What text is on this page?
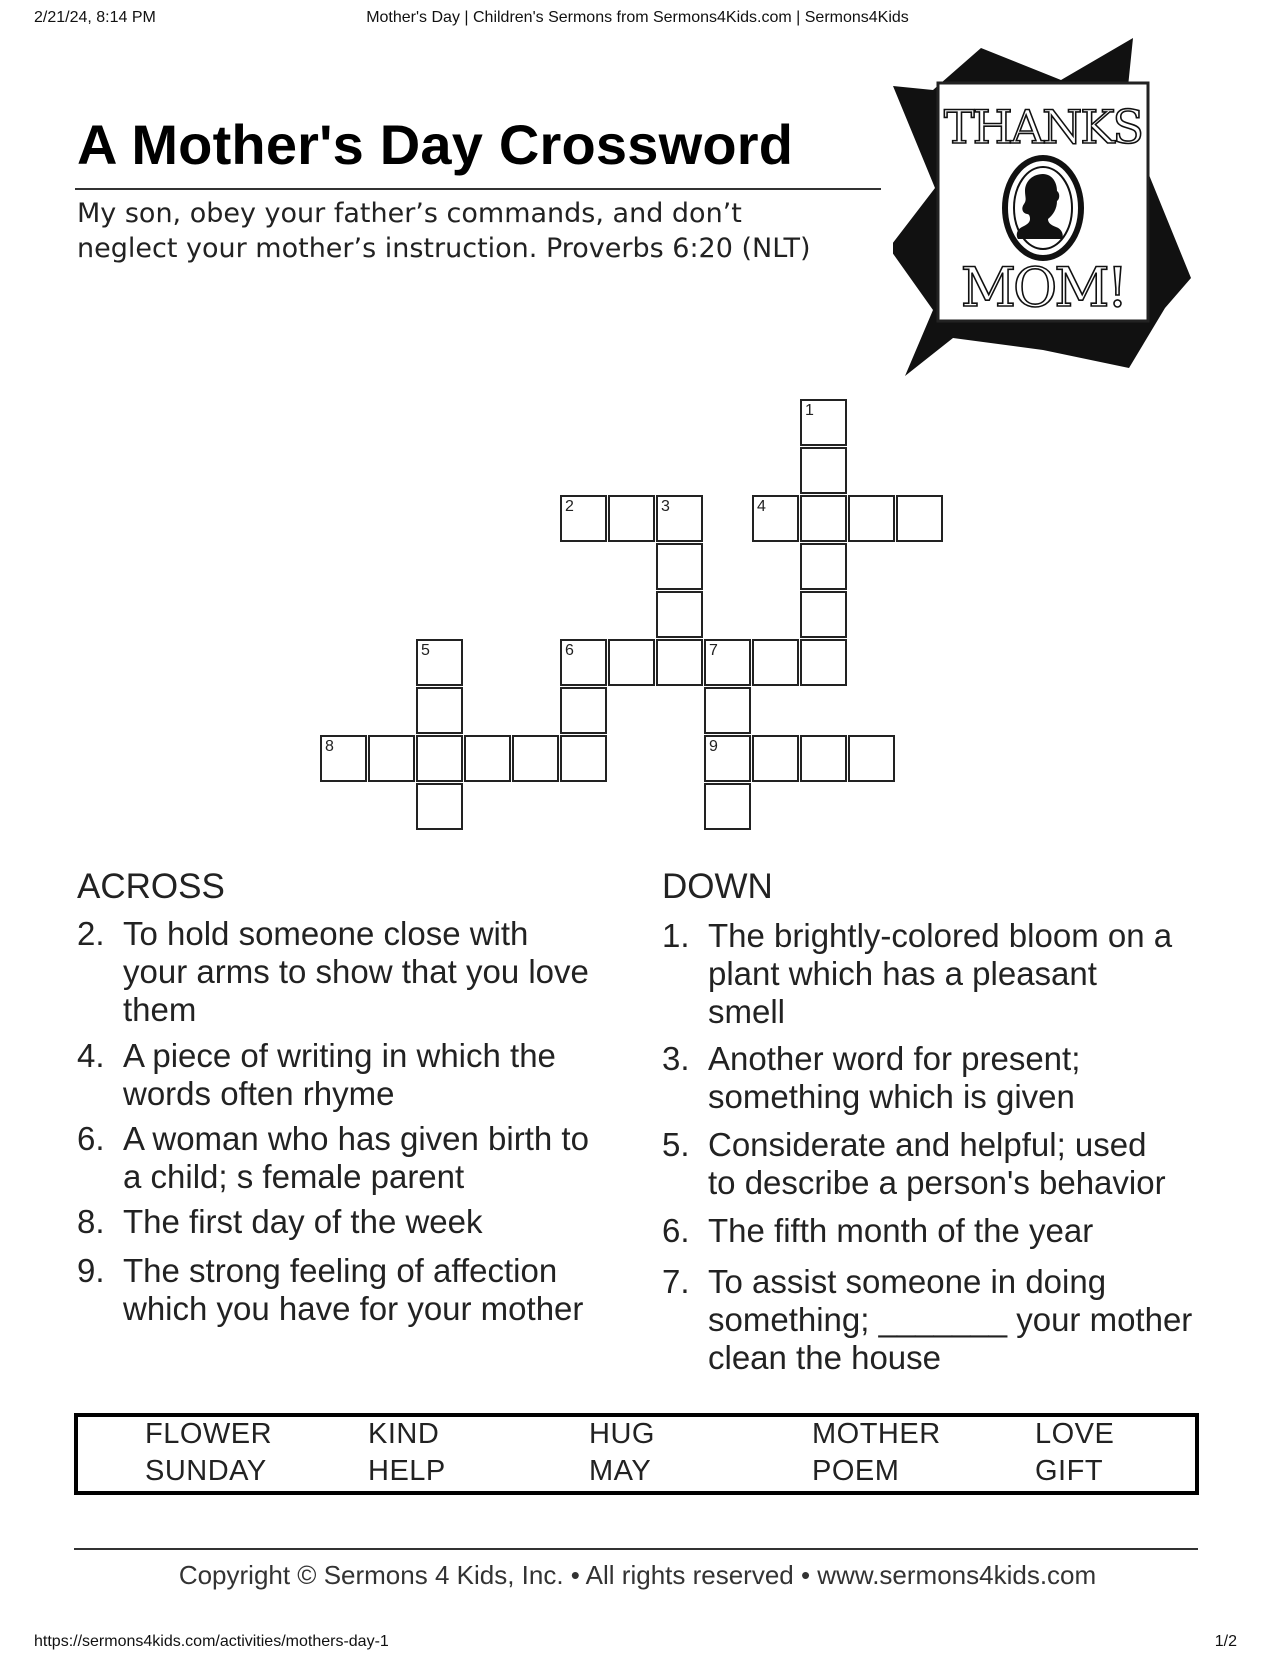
2/21/24, 8:14 PM	Mother's Day | Children's Sermons from Sermons4Kids.com | Sermons4Kids
https://sermons4kids.com/activities/mothers-day-1	1/2
A Mother's Day Crossword
My son, obey your father’s commands, and don’t
neglect your mother’s instruction. Proverbs 6:20 (NLT)
THANKS
MOM!
1
2	3	4
5	6	7
8	9
ACROSS
2. To hold someone close with
your arms to show that you love
them
4. A piece of writing in which the
words often rhyme
6. A woman who has given birth to
a child; s female parent
8. The first day of the week
9. The strong feeling of affection
which you have for your mother
DOWN
1. The brightly-colored bloom on a
plant which has a pleasant
smell
3. Another word for present;
something which is given
5. Considerate and helpful; used
to describe a person's behavior
6. The fifth month of the year
7. To assist someone in doing
something; _______ your mother
clean the house
FLOWER	KIND	HUG	MOTHER	LOVE
SUNDAY	HELP	MAY	POEM	GIFT
Copyright © Sermons 4 Kids, Inc. • All rights reserved • www.sermons4kids.com
